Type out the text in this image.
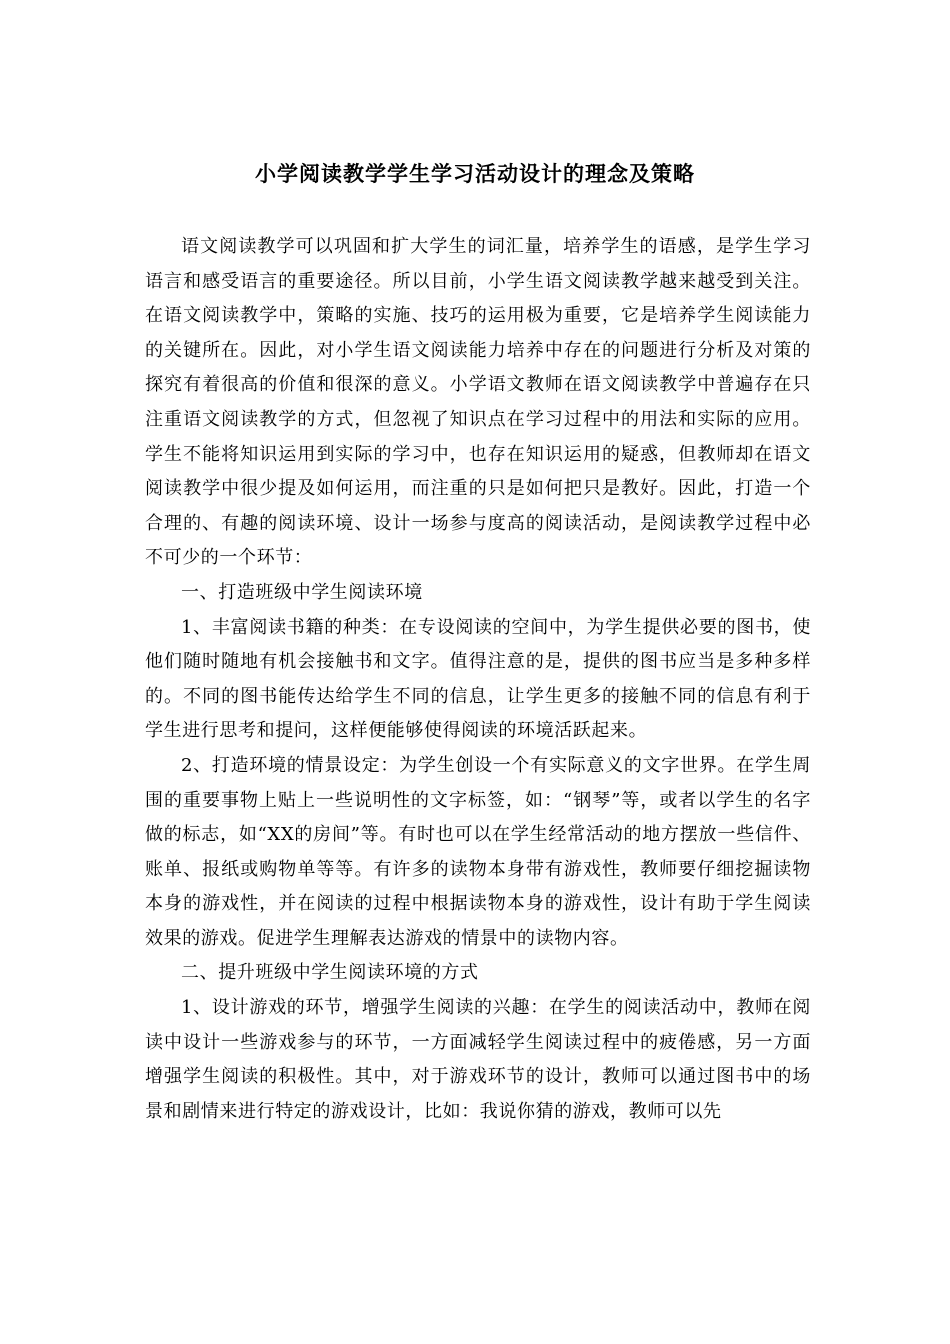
小学阅读教学学生学习活动设计的理念及策略

语文阅读教学可以巩固和扩大学生的词汇量，培养学生的语感，是学生学习语言和感受语言的重要途径。所以目前，小学生语文阅读教学越来越受到关注。在语文阅读教学中，策略的实施、技巧的运用极为重要，它是培养学生阅读能力的关键所在。因此，对小学生语文阅读能力培养中存在的问题进行分析及对策的探究有着很高的价值和很深的意义。小学语文教师在语文阅读教学中普遍存在只注重语文阅读教学的方式，但忽视了知识点在学习过程中的用法和实际的应用。学生不能将知识运用到实际的学习中，也存在知识运用的疑惑，但教师却在语文阅读教学中很少提及如何运用，而注重的只是如何把只是教好。因此，打造一个合理的、有趣的阅读环境、设计一场参与度高的阅读活动，是阅读教学过程中必不可少的一个环节：

一、打造班级中学生阅读环境

1、丰富阅读书籍的种类：在专设阅读的空间中，为学生提供必要的图书，使他们随时随地有机会接触书和文字。值得注意的是，提供的图书应当是多种多样的。不同的图书能传达给学生不同的信息，让学生更多的接触不同的信息有利于学生进行思考和提问，这样便能够使得阅读的环境活跃起来。

2、打造环境的情景设定：为学生创设一个有实际意义的文字世界。在学生周围的重要事物上贴上一些说明性的文字标签，如：“钢琴”等，或者以学生的名字做的标志，如“XX的房间”等。有时也可以在学生经常活动的地方摆放一些信件、账单、报纸或购物单等等。有许多的读物本身带有游戏性，教师要仔细挖掘读物本身的游戏性，并在阅读的过程中根据读物本身的游戏性，设计有助于学生阅读效果的游戏。促进学生理解表达游戏的情景中的读物内容。

二、提升班级中学生阅读环境的方式

1、设计游戏的环节，增强学生阅读的兴趣：在学生的阅读活动中，教师在阅读中设计一些游戏参与的环节，一方面减轻学生阅读过程中的疲倦感，另一方面增强学生阅读的积极性。其中，对于游戏环节的设计，教师可以通过图书中的场景和剧情来进行特定的游戏设计，比如：我说你猜的游戏，教师可以先
